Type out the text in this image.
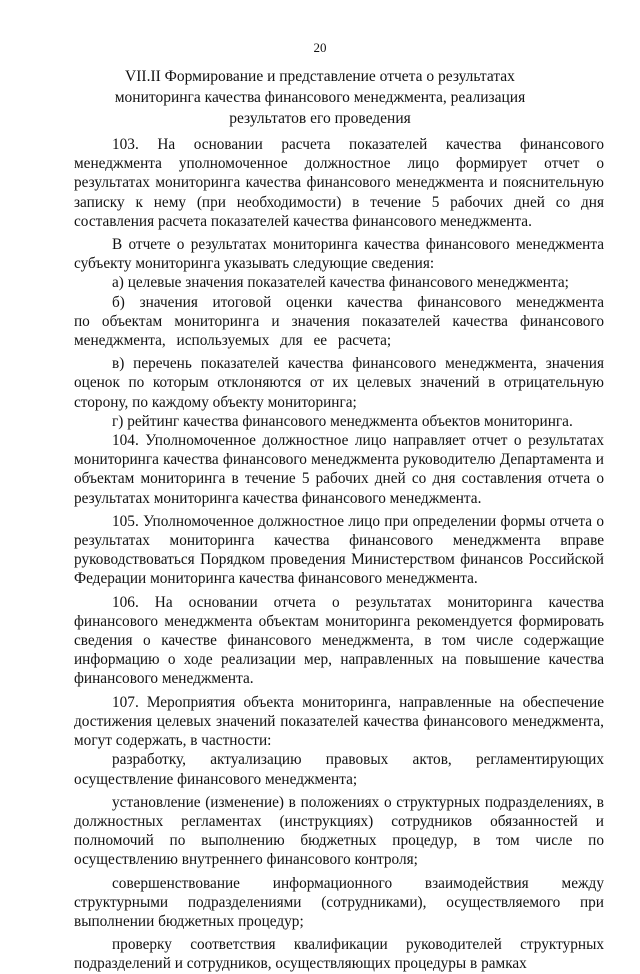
20
VII.II Формирование и представление отчета о результатах
мониторинга качества финансового менеджмента, реализация
результатов его проведения

103. На основании расчета показателей качества финансового менеджмента уполномоченное должностное лицо формирует отчет о результатах мониторинга качества финансового менеджмента и пояснительную записку к нему (при необходимости) в течение 5 рабочих дней со дня составления расчета показателей качества финансового менеджмента.

В отчете о результатах мониторинга качества финансового менеджмента субъекту мониторинга указывать следующие сведения:

а) целевые значения показателей качества финансового менеджмента;

б) значения итоговой оценки качества финансового менеджмента по объектам мониторинга и значения показателей качества финансового менеджмента, используемых для ее расчета;

в) перечень показателей качества финансового менеджмента, значения оценок по которым отклоняются от их целевых значений в отрицательную сторону, по каждому объекту мониторинга;

г) рейтинг качества финансового менеджмента объектов мониторинга.

104. Уполномоченное должностное лицо направляет отчет о результатах мониторинга качества финансового менеджмента руководителю Департамента и объектам мониторинга в течение 5 рабочих дней со дня составления отчета о результатах мониторинга качества финансового менеджмента.

105. Уполномоченное должностное лицо при определении формы отчета о результатах мониторинга качества финансового менеджмента вправе руководствоваться Порядком проведения Министерством финансов Российской Федерации мониторинга качества финансового менеджмента.

106. На основании отчета о результатах мониторинга качества финансового менеджмента объектам мониторинга рекомендуется формировать сведения о качестве финансового менеджмента, в том числе содержащие информацию о ходе реализации мер, направленных на повышение качества финансового менеджмента.

107. Мероприятия объекта мониторинга, направленные на обеспечение достижения целевых значений показателей качества финансового менеджмента, могут содержать, в частности:

разработку, актуализацию правовых актов, регламентирующих осуществление финансового менеджмента;

установление (изменение) в положениях о структурных подразделениях, в должностных регламентах (инструкциях) сотрудников обязанностей и полномочий по выполнению бюджетных процедур, в том числе по осуществлению внутреннего финансового контроля;

совершенствование информационного взаимодействия между структурными подразделениями (сотрудниками), осуществляемого при выполнении бюджетных процедур;

проверку соответствия квалификации руководителей структурных подразделений и сотрудников, осуществляющих процедуры в рамках
